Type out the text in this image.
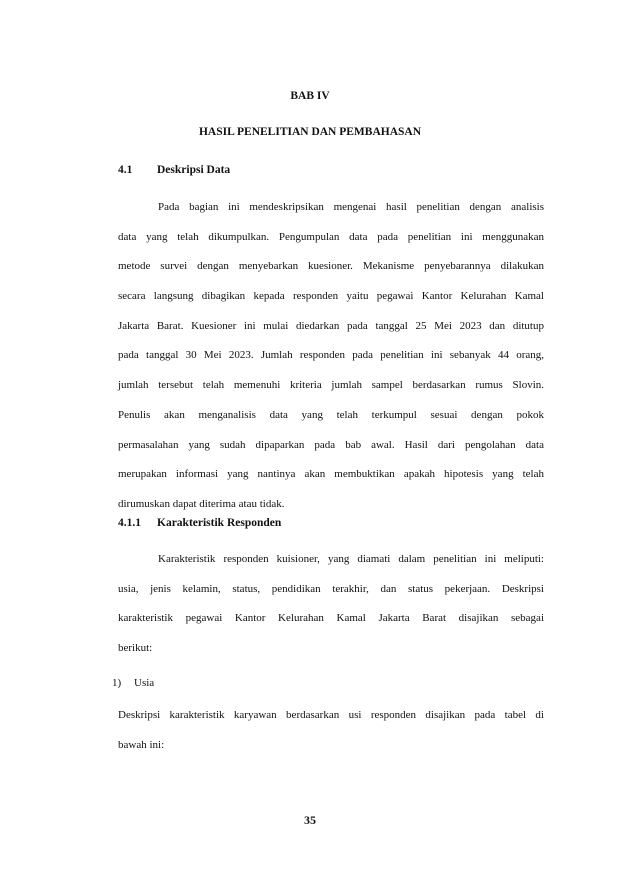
BAB IV
HASIL PENELITIAN DAN PEMBAHASAN
4.1 Deskripsi Data
Pada bagian ini mendeskripsikan mengenai hasil penelitian dengan analisis
data yang telah dikumpulkan. Pengumpulan data pada penelitian ini menggunakan
metode survei dengan menyebarkan kuesioner. Mekanisme penyebarannya dilakukan
secara langsung dibagikan kepada responden yaitu pegawai Kantor Kelurahan Kamal
Jakarta Barat. Kuesioner ini mulai diedarkan pada tanggal 25 Mei 2023 dan ditutup
pada tanggal 30 Mei 2023. Jumlah responden pada penelitian ini sebanyak 44 orang,
jumlah tersebut telah memenuhi kriteria jumlah sampel berdasarkan rumus Slovin.
Penulis akan menganalisis data yang telah terkumpul sesuai dengan pokok
permasalahan yang sudah dipaparkan pada bab awal. Hasil dari pengolahan data
merupakan informasi yang nantinya akan membuktikan apakah hipotesis yang telah
dirumuskan dapat diterima atau tidak.
4.1.1 Karakteristik Responden
Karakteristik responden kuisioner, yang diamati dalam penelitian ini meliputi:
usia, jenis kelamin, status, pendidikan terakhir, dan status pekerjaan. Deskripsi
karakteristik pegawai Kantor Kelurahan Kamal Jakarta Barat disajikan sebagai
berikut:
1) Usia
Deskripsi karakteristik karyawan berdasarkan usi responden disajikan pada tabel di
bawah ini:
35
